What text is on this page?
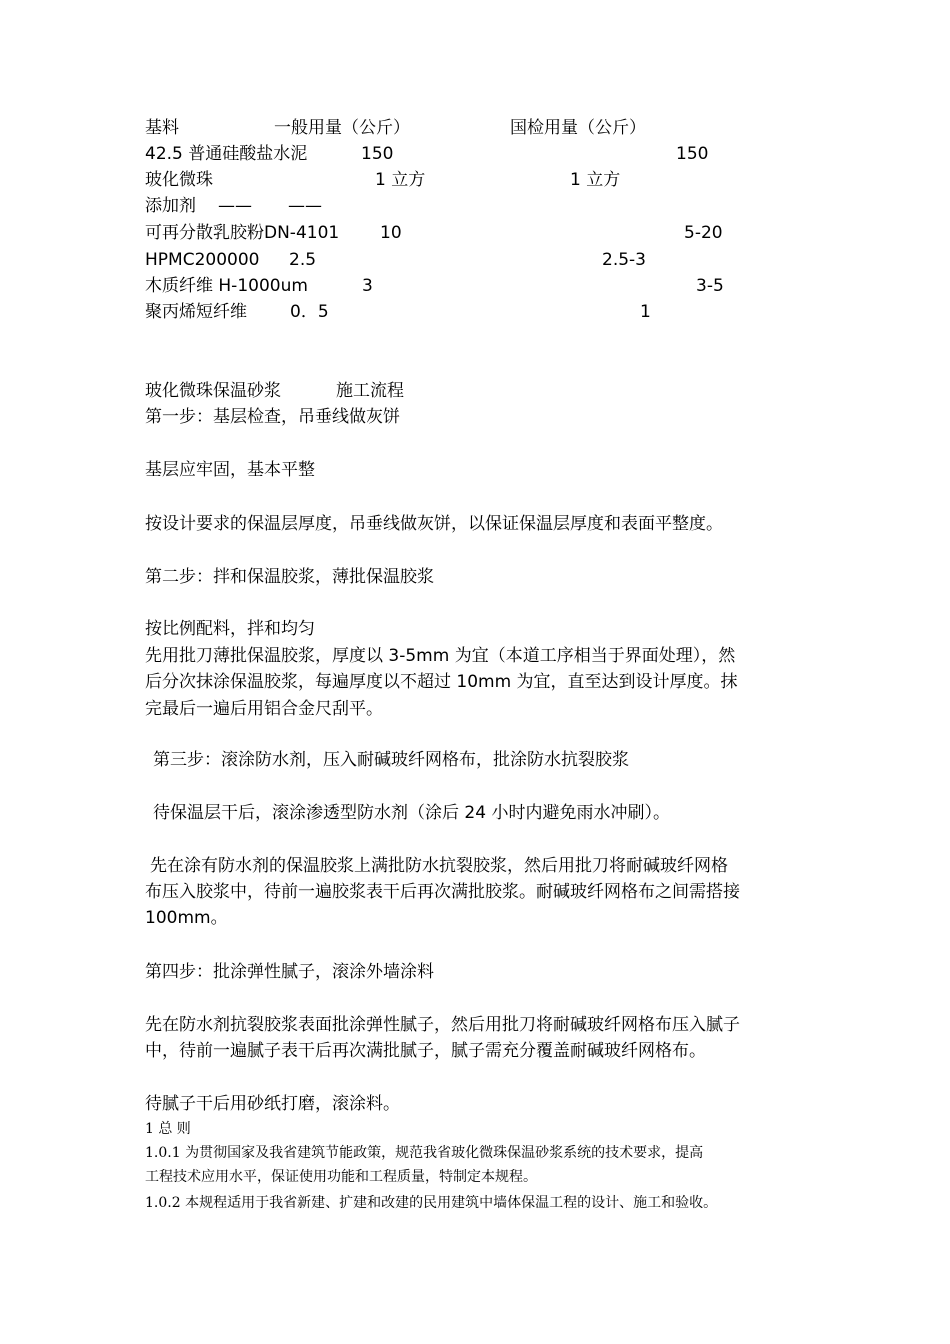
基料	一般用量（公斤）	国检用量（公斤）
42.5 普通硅酸盐水泥	150	150
玻化微珠	1 立方	1 立方
添加剂 —— ——
可再分散乳胶粉DN-4101 10	5-20
HPMC200000 2.5	2.5-3
木质纤维 H-1000um	3	3-5
聚丙烯短纤维	0．5	1
玻化微珠保温砂浆	施工流程
第一步：基层检查，吊垂线做灰饼
基层应牢固，基本平整
按设计要求的保温层厚度，吊垂线做灰饼，以保证保温层厚度和表面平整度。
第二步：拌和保温胶浆，薄批保温胶浆
按比例配料，拌和均匀
先用批刀薄批保温胶浆，厚度以 3-5mm 为宜（本道工序相当于界面处理），然
后分次抹涂保温胶浆，每遍厚度以不超过 10mm 为宜，直至达到设计厚度。抹
完最后一遍后用铝合金尺刮平。
第三步：滚涂防水剂，压入耐碱玻纤网格布，批涂防水抗裂胶浆
待保温层干后，滚涂渗透型防水剂（涂后 24 小时内避免雨水冲刷）。
先在涂有防水剂的保温胶浆上满批防水抗裂胶浆，然后用批刀将耐碱玻纤网格
布压入胶浆中，待前一遍胶浆表干后再次满批胶浆。耐碱玻纤网格布之间需搭接
100mm。
第四步：批涂弹性腻子，滚涂外墙涂料
先在防水剂抗裂胶浆表面批涂弹性腻子，然后用批刀将耐碱玻纤网格布压入腻子
中，待前一遍腻子表干后再次满批腻子，腻子需充分覆盖耐碱玻纤网格布。
待腻子干后用砂纸打磨，滚涂料。
1 总 则
1.0.1 为贯彻国家及我省建筑节能政策，规范我省玻化微珠保温砂浆系统的技术要求，提高
工程技术应用水平，保证使用功能和工程质量，特制定本规程。
1.0.2 本规程适用于我省新建、扩建和改建的民用建筑中墙体保温工程的设计、施工和验收。
